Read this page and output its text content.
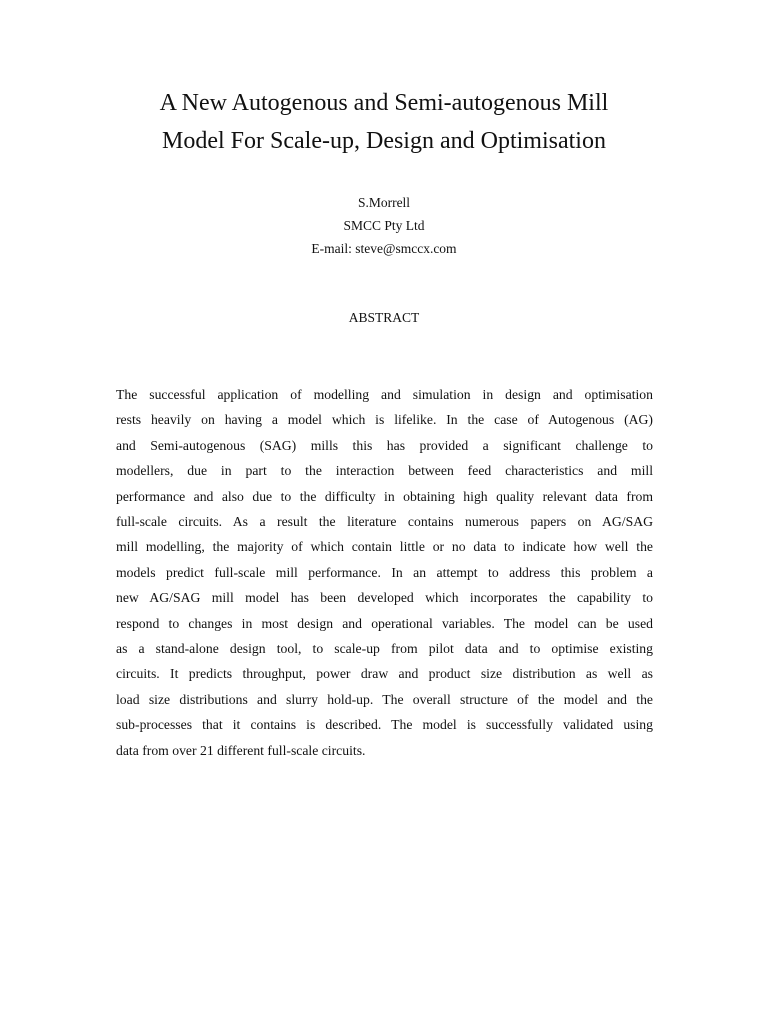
A New Autogenous and Semi-autogenous Mill
Model For Scale-up, Design and Optimisation
S.Morrell
SMCC Pty Ltd
E-mail: steve@smccx.com
ABSTRACT

The successful application of modelling and simulation in design and optimisation
rests heavily on having a model which is lifelike. In the case of Autogenous (AG)
and Semi-autogenous (SAG) mills this has provided a significant challenge to
modellers, due in part to the interaction between feed characteristics and mill
performance and also due to the difficulty in obtaining high quality relevant data from
full-scale circuits. As a result the literature contains numerous papers on AG/SAG
mill modelling, the majority of which contain little or no data to indicate how well the
models predict full-scale mill performance. In an attempt to address this problem a
new AG/SAG mill model has been developed which incorporates the capability to
respond to changes in most design and operational variables. The model can be used
as a stand-alone design tool, to scale-up from pilot data and to optimise existing
circuits. It predicts throughput, power draw and product size distribution as well as
load size distributions and slurry hold-up. The overall structure of the model and the
sub-processes that it contains is described. The model is successfully validated using
data from over 21 different full-scale circuits.
